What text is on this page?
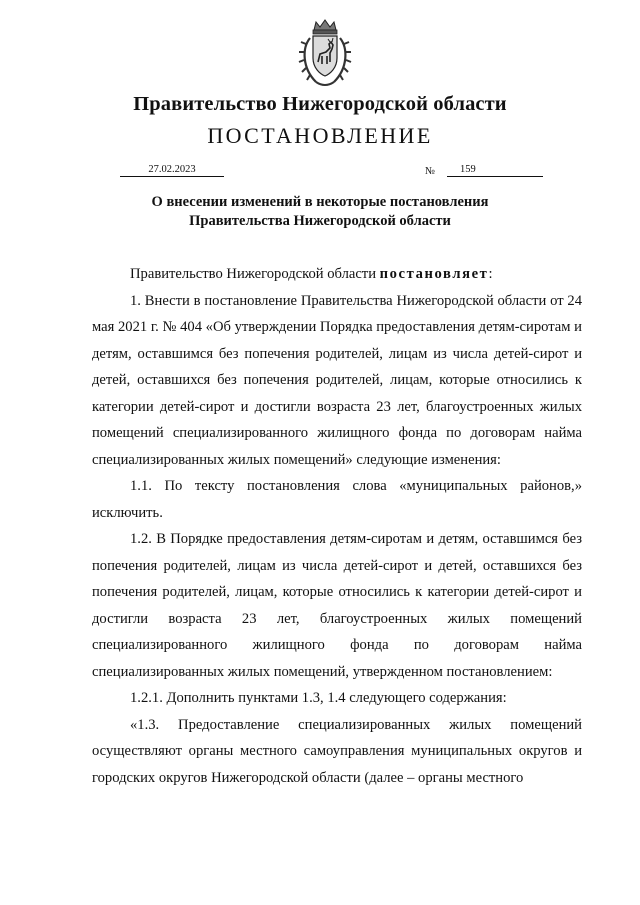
Правительство Нижегородской области
ПОСТАНОВЛЕНИЕ
27.02.2023	№	159
О внесении изменений в некоторые постановления
Правительства Нижегородской области

Правительство Нижегородской области постановляет:

1. Внести в постановление Правительства Нижегородской области от 24 мая 2021 г. № 404 «Об утверждении Порядка предоставления детям-сиротам и детям, оставшимся без попечения родителей, лицам из числа детей-сирот и детей, оставшихся без попечения родителей, лицам, которые относились к категории детей-сирот и достигли возраста 23 лет, благоустроенных жилых помещений специализированного жилищного фонда по договорам найма специализированных жилых помещений» следующие изменения:

1.1. По тексту постановления слова «муниципальных районов,» исключить.

1.2. В Порядке предоставления детям-сиротам и детям, оставшимся без попечения родителей, лицам из числа детей-сирот и детей, оставшихся без попечения родителей, лицам, которые относились к категории детей-сирот и достигли возраста 23 лет, благоустроенных жилых помещений специализированного жилищного фонда по договорам найма специализированных жилых помещений, утвержденном постановлением:

1.2.1. Дополнить пунктами 1.3, 1.4 следующего содержания:

«1.3. Предоставление специализированных жилых помещений осуществляют органы местного самоуправления муниципальных округов и городских округов Нижегородской области (далее – органы местного
